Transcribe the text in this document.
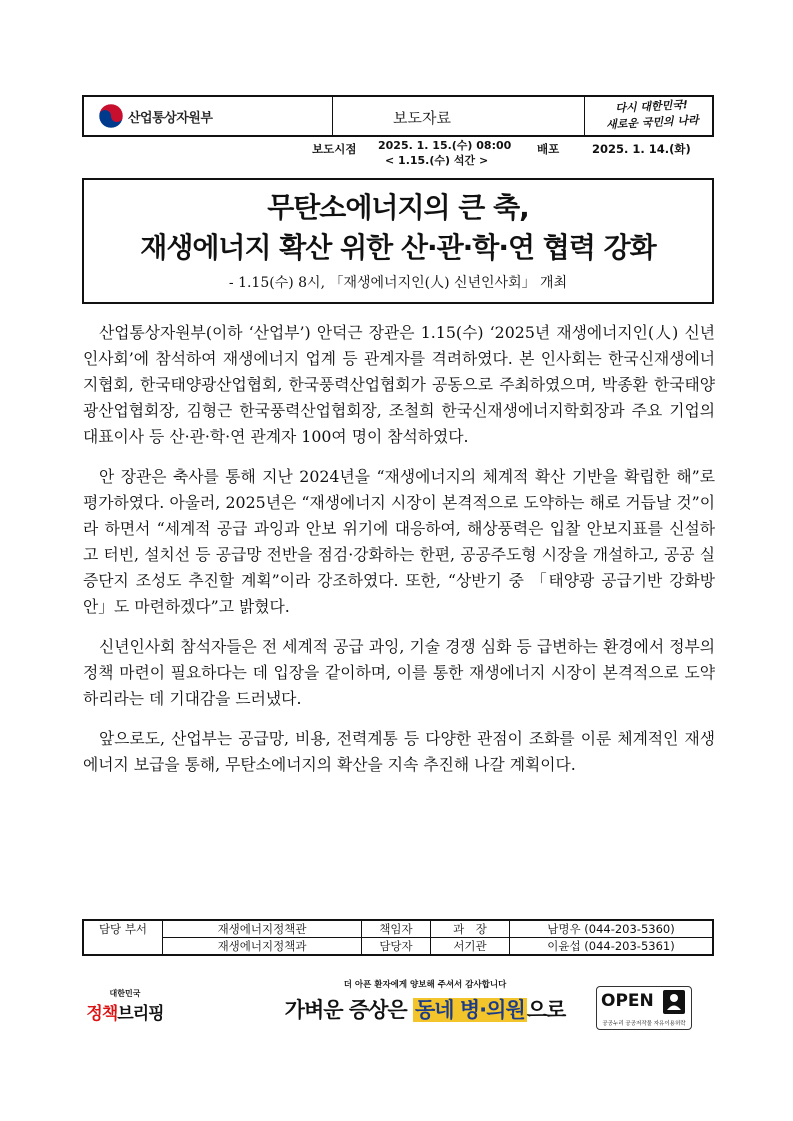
산업통상자원부	보도자료
다시 대한민국!
새로운 국민의 나라
보도시점 2025. 1. 15.(수) 08:00
< 1.15.(수) 석간 >
배포	2025. 1. 14.(화)
무탄소에너지의 큰 축,
재생에너지 확산 위한 산·관·학·연 협력 강화
- 1.15(수) 8시, 「재생에너지인(人) 신년인사회」 개최

산업통상자원부(이하 ‘산업부’) 안덕근 장관은 1.15(수) ‘2025년 재생에너지인(人) 신년인사회’에 참석하여 재생에너지 업계 등 관계자를 격려하였다. 본 인사회는 한국신재생에너지협회, 한국태양광산업협회, 한국풍력산업협회가 공동으로 주최하였으며, 박종환 한국태양광산업협회장, 김형근 한국풍력산업협회장, 조철희 한국신재생에너지학회장과 주요 기업의 대표이사 등 산·관·학·연 관계자 100여 명이 참석하였다.

안 장관은 축사를 통해 지난 2024년을 “재생에너지의 체계적 확산 기반을 확립한 해”로 평가하였다. 아울러, 2025년은 “재생에너지 시장이 본격적으로 도약하는 해로 거듭날 것”이라 하면서 “세계적 공급 과잉과 안보 위기에 대응하여, 해상풍력은 입찰 안보지표를 신설하고 터빈, 설치선 등 공급망 전반을 점검·강화하는 한편, 공공주도형 시장을 개설하고, 공공 실증단지 조성도 추진할 계획”이라 강조하였다. 또한, “상반기 중 「태양광 공급기반 강화방안」도 마련하겠다”고 밝혔다.

신년인사회 참석자들은 전 세계적 공급 과잉, 기술 경쟁 심화 등 급변하는 환경에서 정부의 정책 마련이 필요하다는 데 입장을 같이하며, 이를 통한 재생에너지 시장이 본격적으로 도약하리라는 데 기대감을 드러냈다.

앞으로도, 산업부는 공급망, 비용, 전력계통 등 다양한 관점이 조화를 이룬 체계적인 재생에너지 보급을 통해, 무탄소에너지의 확산을 지속 추진해 나갈 계획이다.

담당 부서	재생에너지정책관	책임자	과　장	남명우 (044-203-5360)
	재생에너지정책과	담당자	서기관	이윤섭 (044-203-5361)
대한민국
정책브리핑
더 아픈 환자에게 양보해 주셔서 감사합니다
가벼운 증상은 동네 병·의원으로	OPEN
공공누리 공공저작물 자유이용허락
